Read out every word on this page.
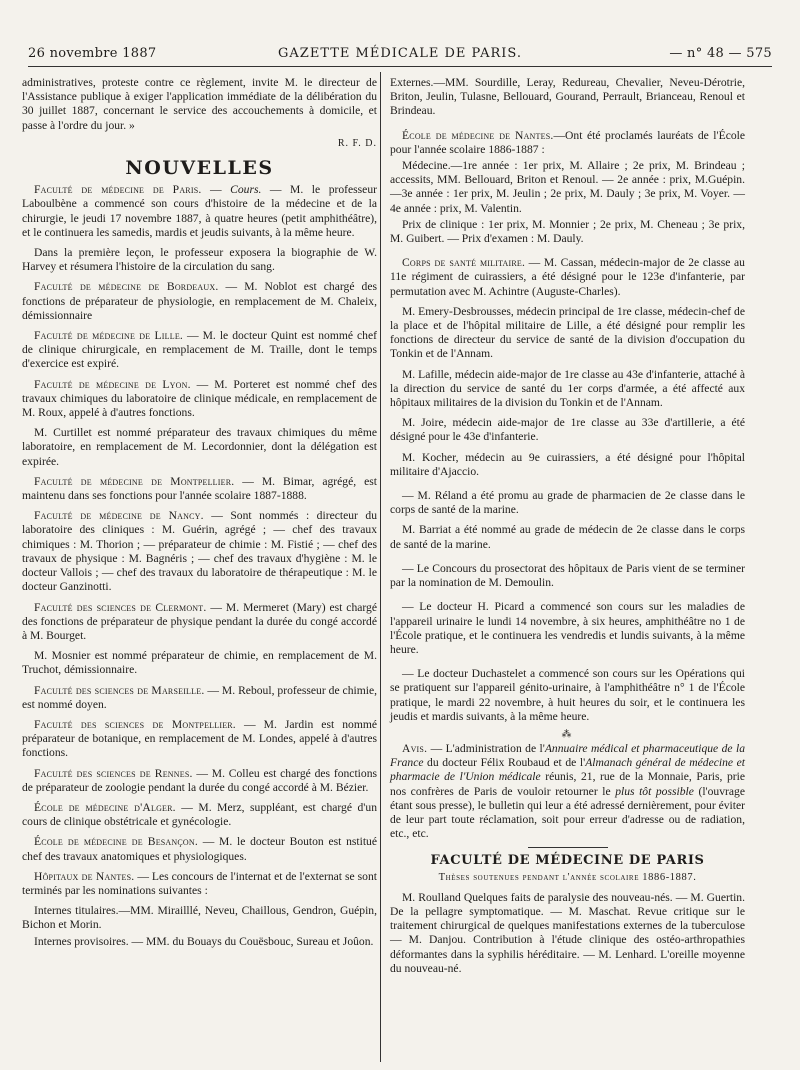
26 novembre 1887	GAZETTE MÉDICALE DE PARIS.	— n° 48 — 575

administratives, proteste contre ce règlement, invite M. le directeur de l'Assistance publique à exiger l'application immédiate de la délibération du 30 juillet 1887, concernant le service des accouchements à domicile, et passe à l'ordre du jour. »

R. F. D.
NOUVELLES

Faculté de médecine de Paris. — Cours. — M. le professeur Laboulbène a commencé son cours d'histoire de la médecine et de la chirurgie, le jeudi 17 novembre 1887, à quatre heures (petit amphithéâtre), et le continuera les samedis, mardis et jeudis suivants, à la même heure.

Dans la première leçon, le professeur exposera la biographie de W. Harvey et résumera l'histoire de la circulation du sang.

Faculté de médecine de Bordeaux. — M. Noblot est chargé des fonctions de préparateur de physiologie, en remplacement de M. Chaleix, démissionnaire

Faculté de médecine de Lille. — M. le docteur Quint est nommé chef de clinique chirurgicale, en remplacement de M. Traille, dont le temps d'exercice est expiré.

Faculté de médecine de Lyon. — M. Porteret est nommé chef des travaux chimiques du laboratoire de clinique médicale, en remplacement de M. Roux, appelé à d'autres fonctions.

M. Curtillet est nommé préparateur des travaux chimiques du même laboratoire, en remplacement de M. Lecordonnier, dont la délégation est expirée.

Faculté de médecine de Montpellier. — M. Bimar, agrégé, est maintenu dans ses fonctions pour l'année scolaire 1887-1888.

Faculté de médecine de Nancy. — Sont nommés : directeur du laboratoire des cliniques : M. Guérin, agrégé ; — chef des travaux chimiques : M. Thorion ; — préparateur de chimie : M. Fistié ; — chef des travaux de physique : M. Bagnéris ; — chef des travaux d'hygiène : M. le docteur Vallois ; — chef des travaux du laboratoire de thérapeutique : M. le docteur Ganzinotti.

Faculté des sciences de Clermont. — M. Mermeret (Mary) est chargé des fonctions de préparateur de physique pendant la durée du congé accordé à M. Bourget.

M. Mosnier est nommé préparateur de chimie, en remplacement de M. Truchot, démissionnaire.

Faculté des sciences de Marseille. — M. Reboul, professeur de chimie, est nommé doyen.

Faculté des sciences de Montpellier. — M. Jardin est nommé préparateur de botanique, en remplacement de M. Londes, appelé à d'autres fonctions.

Faculté des sciences de Rennes. — M. Colleu est chargé des fonctions de préparateur de zoologie pendant la durée du congé accordé à M. Bézier.

École de médecine d'Alger. — M. Merz, suppléant, est chargé d'un cours de clinique obstétricale et gynécologie.

École de médecine de Besançon. — M. le docteur Bouton est nstitué chef des travaux anatomiques et physiologiques.

Hôpitaux de Nantes. — Les concours de l'internat et de l'externat se sont terminés par les nominations suivantes :

Internes titulaires.—MM. Mirailllé, Neveu, Chaillous, Gendron, Guépin, Bichon et Morin.

Internes provisoires. — MM. du Bouays du Couësbouc, Sureau et Joûon.

Externes.—MM. Sourdille, Leray, Redureau, Chevalier, Neveu-Dérotrie, Briton, Jeulin, Tulasne, Bellouard, Gourand, Perrault, Brianceau, Renoul et Brindeau.

École de médecine de Nantes.—Ont été proclamés lauréats de l'École pour l'année scolaire 1886-1887 :

Médecine.—1re année : 1er prix, M. Allaire ; 2e prix, M. Brindeau ; accessits, MM. Bellouard, Briton et Renoul. — 2e année : prix, M.Guépin.—3e année : 1er prix, M. Jeulin ; 2e prix, M. Dauly ; 3e prix, M. Voyer. — 4e année : prix, M. Valentin.

Prix de clinique : 1er prix, M. Monnier ; 2e prix, M. Cheneau ; 3e prix, M. Guibert. — Prix d'examen : M. Dauly.

Corps de santé militaire. — M. Cassan, médecin-major de 2e classe au 11e régiment de cuirassiers, a été désigné pour le 123e d'infanterie, par permutation avec M. Achintre (Auguste-Charles).

M. Emery-Desbrousses, médecin principal de 1re classe, médecin-chef de la place et de l'hôpital militaire de Lille, a été désigné pour remplir les fonctions de directeur du service de santé de la division d'occupation du Tonkin et de l'Annam.

M. Lafille, médecin aide-major de 1re classe au 43e d'infanterie, attaché à la direction du service de santé du 1er corps d'armée, a été affecté aux hôpitaux militaires de la division du Tonkin et de l'Annam.

M. Joire, médecin aide-major de 1re classe au 33e d'artillerie, a été désigné pour le 43e d'infanterie.

M. Kocher, médecin au 9e cuirassiers, a été désigné pour l'hôpital militaire d'Ajaccio.

— M. Réland a été promu au grade de pharmacien de 2e classe dans le corps de santé de la marine.

M. Barriat a été nommé au grade de médecin de 2e classe dans le corps de santé de la marine.

— Le Concours du prosectorat des hôpitaux de Paris vient de se terminer par la nomination de M. Demoulin.

— Le docteur H. Picard a commencé son cours sur les maladies de l'appareil urinaire le lundi 14 novembre, à six heures, amphithéâtre no 1 de l'École pratique, et le continuera les vendredis et lundis suivants, à la même heure.

— Le docteur Duchastelet a commencé son cours sur les Opérations qui se pratiquent sur l'appareil génito-urinaire, à l'amphithéâtre n° 1 de l'École pratique, le mardi 22 novembre, à huit heures du soir, et le continuera les jeudis et mardis suivants, à la même heure.

⁂

Avis. — L'administration de l'Annuaire médical et pharmaceutique de la France du docteur Félix Roubaud et de l'Almanach général de médecine et pharmacie de l'Union médicale réunis, 21, rue de la Monnaie, Paris, prie nos confrères de Paris de vouloir retourner le plus tôt possible (l'ouvrage étant sous presse), le bulletin qui leur a été adressé dernièrement, pour éviter de leur part toute réclamation, soit pour erreur d'adresse ou de radiation, etc., etc.

FACULTÉ DE MÉDECINE DE PARIS
Thèses soutenues pendant l'année scolaire 1886-1887.

M. Roulland Quelques faits de paralysie des nouveau-nés. — M. Guertin. De la pellagre symptomatique. — M. Maschat. Revue critique sur le traitement chirurgical de quelques manifestations externes de la tuberculose — M. Danjou. Contribution à l'étude clinique des ostéo-arthropathies déformantes dans la syphilis héréditaire. — M. Lenhard. L'oreille moyenne du nouveau-né.
